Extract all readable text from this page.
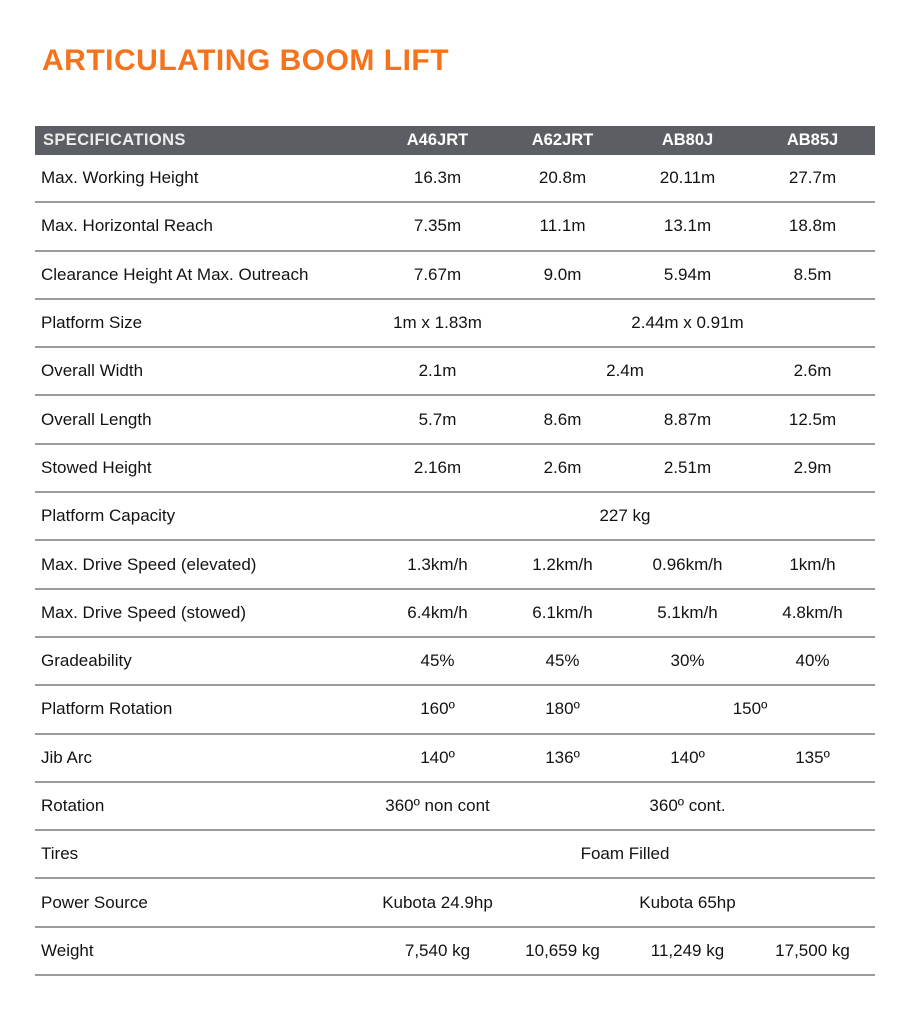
ARTICULATING BOOM LIFT
SPECIFICATIONS	A46JRT	A62JRT	AB80J	AB85J
Max. Working Height	16.3m	20.8m	20.11m	27.7m
Max. Horizontal Reach	7.35m	11.1m	13.1m	18.8m
Clearance Height At Max. Outreach	7.67m	9.0m	5.94m	8.5m
Platform Size	1m x 1.83m	2.44m x 0.91m
Overall Width	2.1m	2.4m	2.6m
Overall Length	5.7m	8.6m	8.87m	12.5m
Stowed Height	2.16m	2.6m	2.51m	2.9m
Platform Capacity	227 kg
Max. Drive Speed (elevated)	1.3km/h	1.2km/h	0.96km/h	1km/h
Max. Drive Speed (stowed)	6.4km/h	6.1km/h	5.1km/h	4.8km/h
Gradeability	45%	45%	30%	40%
Platform Rotation	160º	180º	150º
Jib Arc	140º	136º	140º	135º
Rotation	360º non cont	360º cont.
Tires	Foam Filled
Power Source	Kubota 24.9hp	Kubota 65hp
Weight	7,540 kg	10,659 kg	11,249 kg	17,500 kg
